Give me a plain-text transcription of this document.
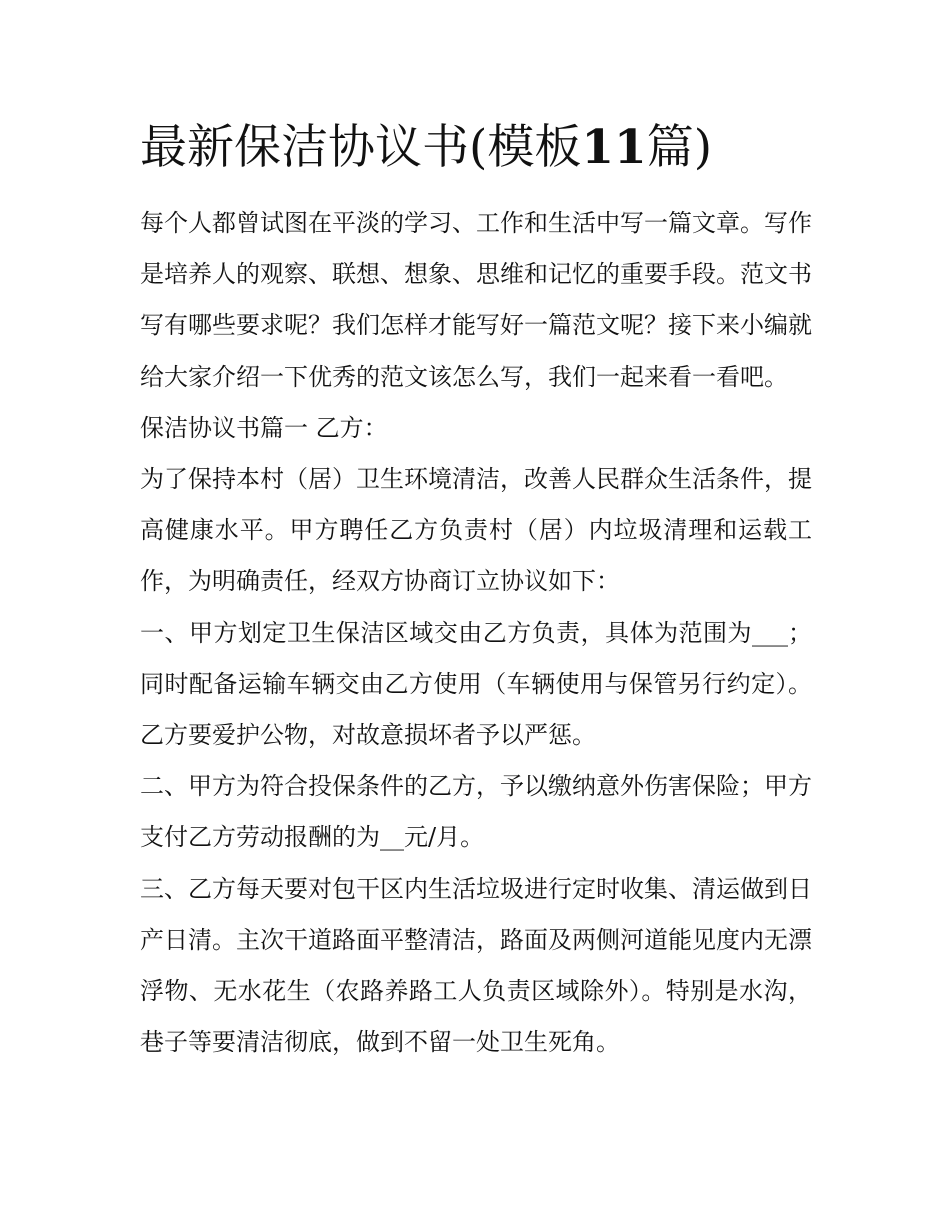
最新保洁协议书(模板11篇)

每个人都曾试图在平淡的学习、工作和生活中写一篇文章。写作是培养人的观察、联想、想象、思维和记忆的重要手段。范文书写有哪些要求呢？我们怎样才能写好一篇范文呢？接下来小编就给大家介绍一下优秀的范文该怎么写，我们一起来看一看吧。

保洁协议书篇一 乙方：

为了保持本村（居）卫生环境清洁，改善人民群众生活条件，提高健康水平。甲方聘任乙方负责村（居）内垃圾清理和运载工作，为明确责任，经双方协商订立协议如下：

一、甲方划定卫生保洁区域交由乙方负责，具体为范围为___；同时配备运输车辆交由乙方使用（车辆使用与保管另行约定）。乙方要爱护公物，对故意损坏者予以严惩。

二、甲方为符合投保条件的乙方，予以缴纳意外伤害保险；甲方支付乙方劳动报酬的为__元/月。

三、乙方每天要对包干区内生活垃圾进行定时收集、清运做到日产日清。主次干道路面平整清洁，路面及两侧河道能见度内无漂浮物、无水花生（农路养路工人负责区域除外）。特别是水沟，巷子等要清洁彻底，做到不留一处卫生死角。
